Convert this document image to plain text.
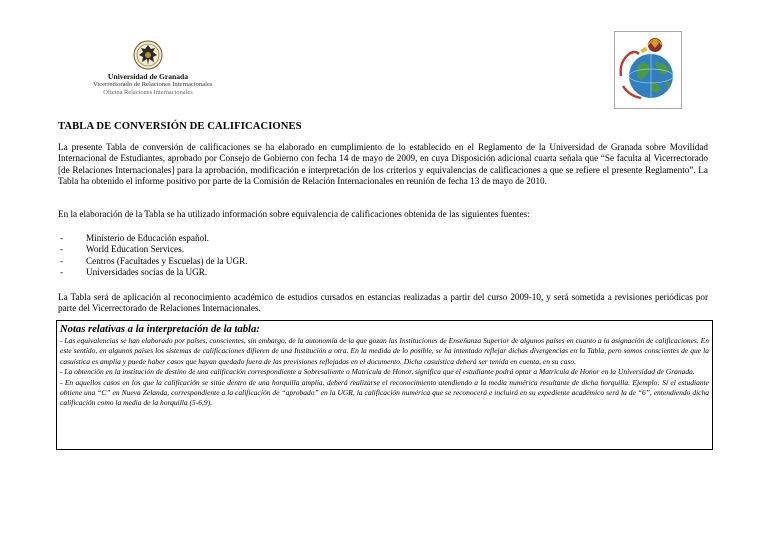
Universidad de Granada
Vicerrectorado de Relaciones Internacionales
Oficina Relaciones Internacionales
TABLA DE CONVERSIÓN DE CALIFICACIONES

La presente Tabla de conversión de calificaciones se ha elaborado en cumplimiento de lo establecido en el Reglamento de la Universidad de Granada sobre Movilidad Internacional de Estudiantes, aprobado por Consejo de Gobierno con fecha 14 de mayo de 2009, en cuya Disposición adicional cuarta señala que “Se faculta al Vicerrectorado [de Relaciones Internacionales] para la aprobación, modificación e interpretación de los criterios y equivalencias de calificaciones a que se refiere el presente Reglamento”. La Tabla ha obtenido el informe positivo por parte de la Comisión de Relación Internacionales en reunión de fecha 13 de mayo de 2010.

En la elaboración de la Tabla se ha utilizado información sobre equivalencia de calificaciones obtenida de las siguientes fuentes:

- Ministerio de Educación español.
- World Education Services.
- Centros (Facultades y Escuelas) de la UGR.
- Universidades socias de la UGR.

La Tabla será de aplicación al reconocimiento académico de estudios cursados en estancias realizadas a partir del curso 2009-10, y será sometida a revisiones periódicas por parte del Vicerrectorado de Relaciones Internacionales.

Notas relativas a la interpretación de la tabla:

- Las equivalencias se han elaborado por países, conscientes, sin embargo, de la autonomía de la que gozan las Instituciones de Enseñanza Superior de algunos países en cuanto a la asignación de calificaciones. En este sentido, en algunos países los sistemas de calificaciones difieren de una Institución a otra. En la medida de lo posible, se ha intentado reflejar dichas divergencias en la Tabla, pero somos conscientes de que la casuística es amplia y puede haber casos que hayan quedado fuera de las previsiones reflejadas en el documento. Dicha casuística deberá ser tenida en cuenta, en su caso.

- La obtención en la institución de destino de una calificación correspondiente a Sobresaliente o Matrícula de Honor, significa que el estudiante podrá optar a Matrícula de Honor en la Universidad de Granada.

- En aquellos casos en los que la calificación se sitúe dentro de una horquilla amplia, deberá realizarse el reconocimiento atendiendo a la media numérica resultante de dicha horquilla. Ejemplo: Si el estudiante obtiene una “C” en Nueva Zelanda, correspondiente a la calificación de “aprobado” en la UGR, la calificación numérica que se reconocerá e incluirá en su expediente académico será la de “6”, entendiendo dicha calificación como la media de la horquilla (5-6,9).
